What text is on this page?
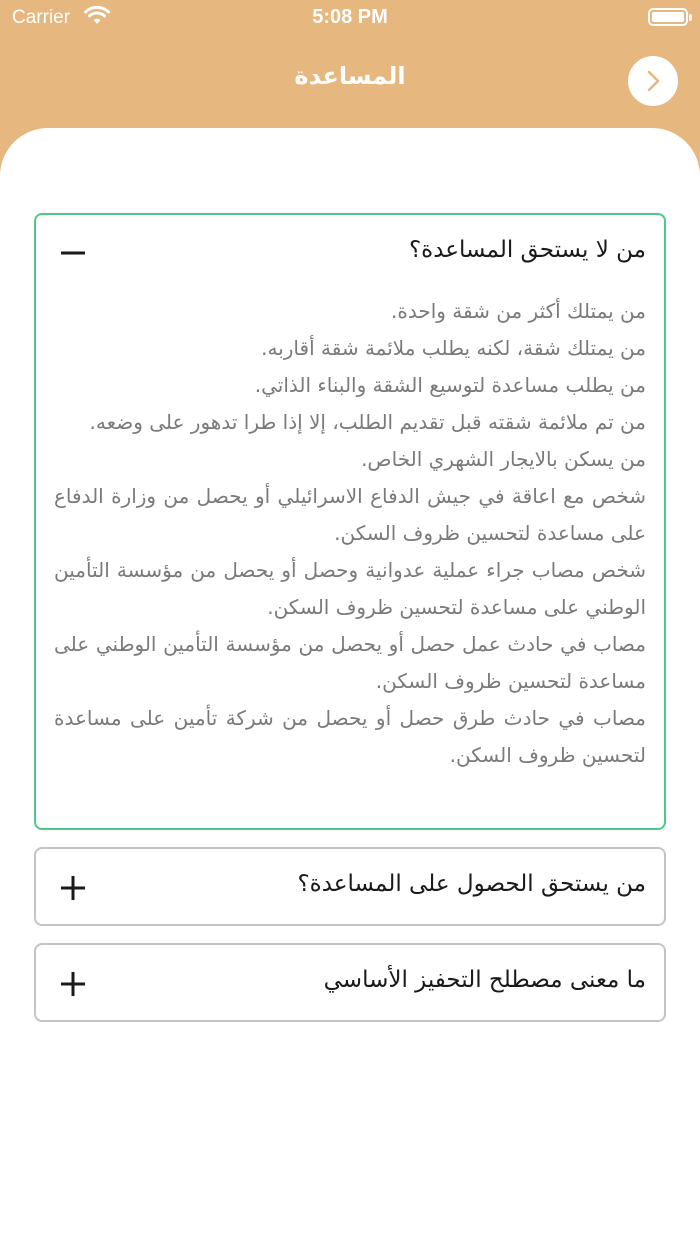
Carrier	5:08 PM
المساعدة
من لا يستحق المساعدة؟

من يمتلك أكثر من شقة واحدة.

من يمتلك شقة، لكنه يطلب ملائمة شقة أقاربه.

من يطلب مساعدة لتوسيع الشقة والبناء الذاتي.

من تم ملائمة شقته قبل تقديم الطلب، إلا إذا طرا تدهور على وضعه.

من يسكن بالايجار الشهري الخاص.

شخص مع اعاقة في جيش الدفاع الاسرائيلي أو يحصل من وزارة الدفاع على مساعدة لتحسين ظروف السكن.

شخص مصاب جراء عملية عدوانية وحصل أو يحصل من مؤسسة التأمين الوطني على مساعدة لتحسين ظروف السكن.

مصاب في حادث عمل حصل أو يحصل من مؤسسة التأمين الوطني على مساعدة لتحسين ظروف السكن.

مصاب في حادث طرق حصل أو يحصل من شركة تأمين على مساعدة لتحسين ظروف السكن.

من يستحق الحصول على المساعدة؟
ما معنى مصطلح التحفيز الأساسي
